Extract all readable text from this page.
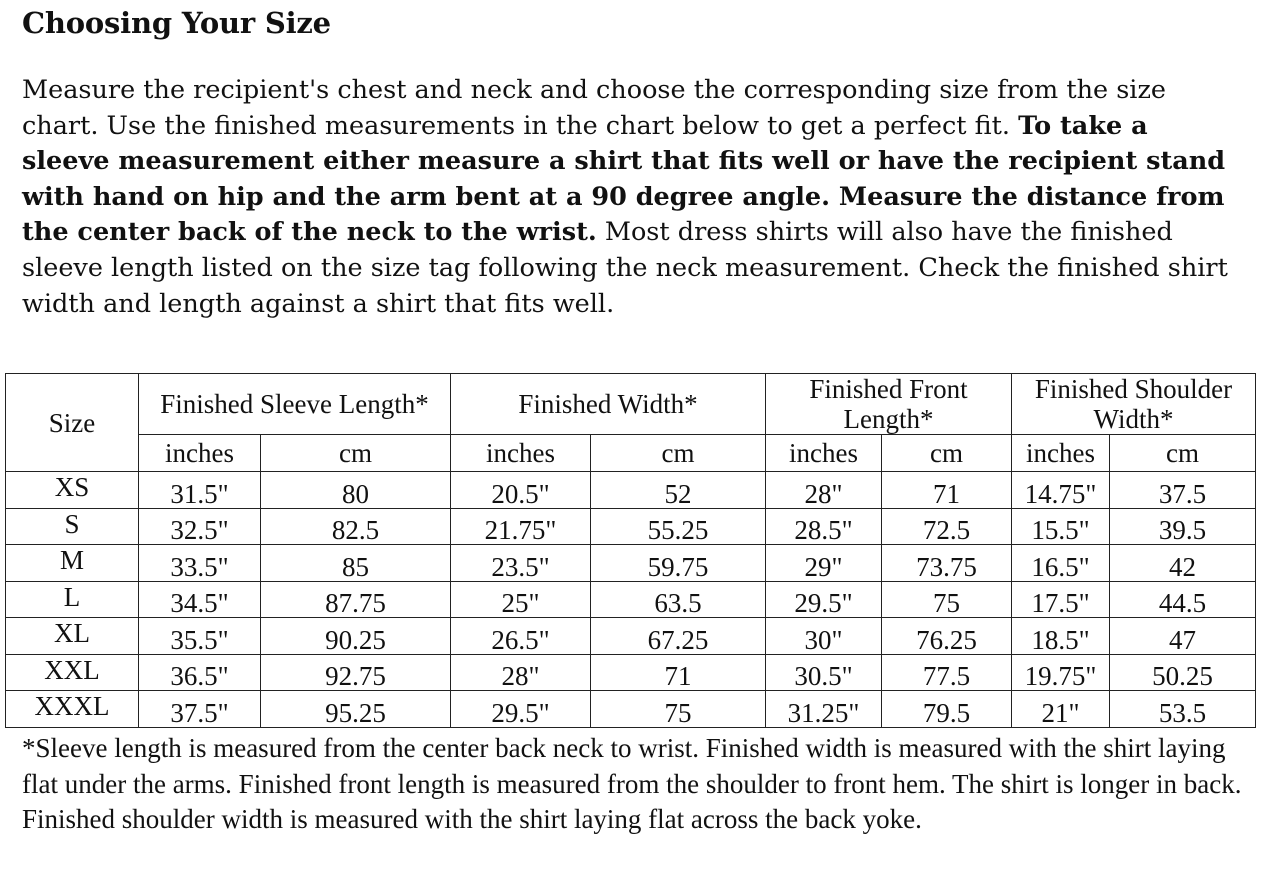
Choosing Your Size

Measure the recipient's chest and neck and choose the corresponding size from the size chart. Use the finished measurements in the chart below to get a perfect fit. To take a sleeve measurement either measure a shirt that fits well or have the recipient stand with hand on hip and the arm bent at a 90 degree angle. Measure the distance from the center back of the neck to the wrist. Most dress shirts will also have the finished sleeve length listed on the size tag following the neck measurement. Check the finished shirt width and length against a shirt that fits well.

Size	Finished Sleeve Length*		Finished Width*		Finished Front Length*		Finished Shoulder Width*	
	inches	cm	inches	cm	inches	cm	inches	cm
XS	31.5"	80	20.5"	52	28"	71	14.75"	37.5
S	32.5"	82.5	21.75"	55.25	28.5"	72.5	15.5"	39.5
M	33.5"	85	23.5"	59.75	29"	73.75	16.5"	42
L	34.5"	87.75	25"	63.5	29.5"	75	17.5"	44.5
XL	35.5"	90.25	26.5"	67.25	30"	76.25	18.5"	47
XXL	36.5"	92.75	28"	71	30.5"	77.5	19.75"	50.25
XXXL	37.5"	95.25	29.5"	75	31.25"	79.5	21"	53.5

*Sleeve length is measured from the center back neck to wrist. Finished width is measured with the shirt laying flat under the arms. Finished front length is measured from the shoulder to front hem. The shirt is longer in back. Finished shoulder width is measured with the shirt laying flat across the back yoke.
